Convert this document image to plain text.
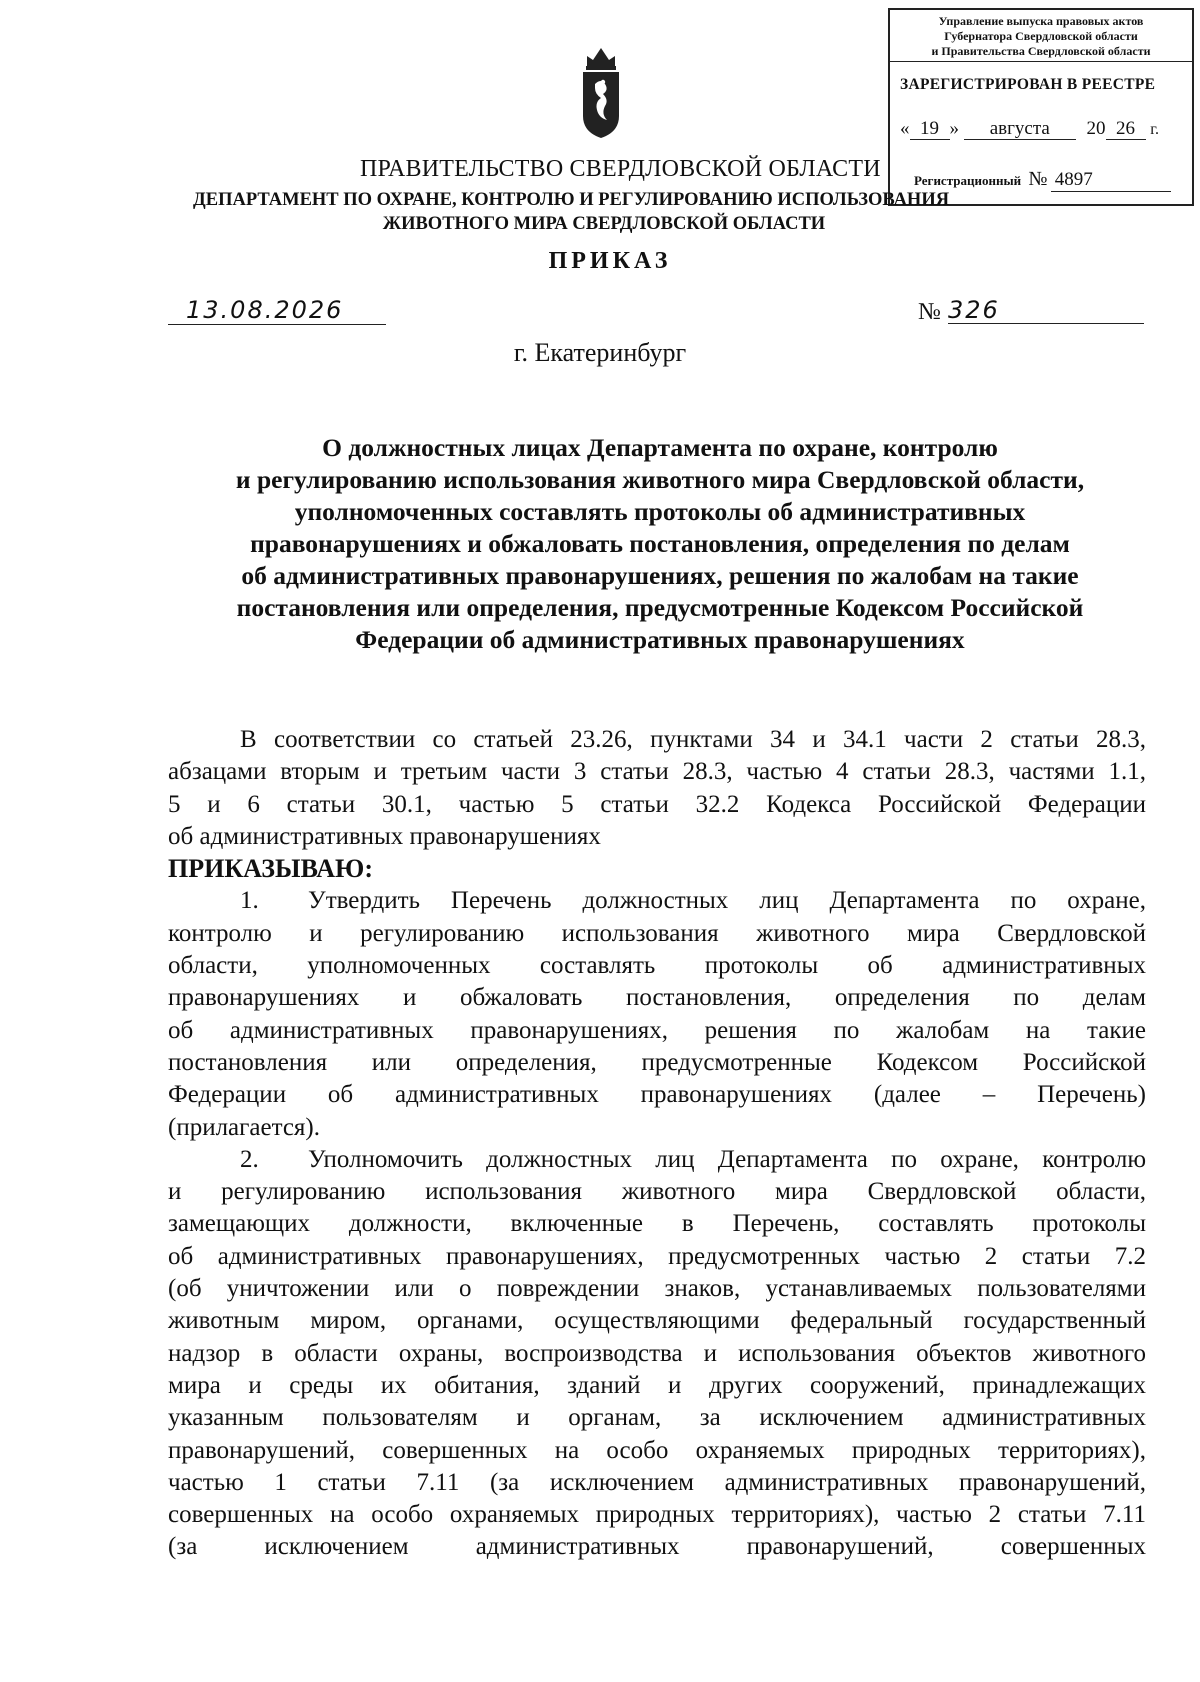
Управление выпуска правовых актов
Губернатора Свердловской области
и Правительства Свердловской области
ЗАРЕГИСТРИРОВАН В РЕЕСТРЕ
« 19 » августа 20 26 г.
Регистрационный № 4897
ПРАВИТЕЛЬСТВО СВЕРДЛОВСКОЙ ОБЛАСТИ
ДЕПАРТАМЕНТ ПО ОХРАНЕ, КОНТРОЛЮ И РЕГУЛИРОВАНИЮ ИСПОЛЬЗОВАНИЯ
ЖИВОТНОГО МИРА СВЕРДЛОВСКОЙ ОБЛАСТИ
ПРИКАЗ
13.08.2026	№ 326
г. Екатеринбург
О должностных лицах Департамента по охране, контролю
и регулированию использования животного мира Свердловской области,
уполномоченных составлять протоколы об административных
правонарушениях и обжаловать постановления, определения по делам
об административных правонарушениях, решения по жалобам на такие
постановления или определения, предусмотренные Кодексом Российской
Федерации об административных правонарушениях
В соответствии со статьей 23.26, пунктами 34 и 34.1 части 2 статьи 28.3,
абзацами вторым и третьим части 3 статьи 28.3, частью 4 статьи 28.3, частями 1.1,
5 и 6 статьи 30.1, частью 5 статьи 32.2 Кодекса Российской Федерации
об административных правонарушениях
ПРИКАЗЫВАЮ:
1. Утвердить Перечень должностных лиц Департамента по охране,
контролю и регулированию использования животного мира Свердловской
области, уполномоченных составлять протоколы об административных
правонарушениях и обжаловать постановления, определения по делам
об административных правонарушениях, решения по жалобам на такие
постановления или определения, предусмотренные Кодексом Российской
Федерации об административных правонарушениях (далее – Перечень)
(прилагается).
2. Уполномочить должностных лиц Департамента по охране, контролю
и регулированию использования животного мира Свердловской области,
замещающих должности, включенные в Перечень, составлять протоколы
об административных правонарушениях, предусмотренных частью 2 статьи 7.2
(об уничтожении или о повреждении знаков, устанавливаемых пользователями
животным миром, органами, осуществляющими федеральный государственный
надзор в области охраны, воспроизводства и использования объектов животного
мира и среды их обитания, зданий и других сооружений, принадлежащих
указанным пользователям и органам, за исключением административных
правонарушений, совершенных на особо охраняемых природных территориях),
частью 1 статьи 7.11 (за исключением административных правонарушений,
совершенных на особо охраняемых природных территориях), частью 2 статьи 7.11
(за исключением административных правонарушений, совершенных
